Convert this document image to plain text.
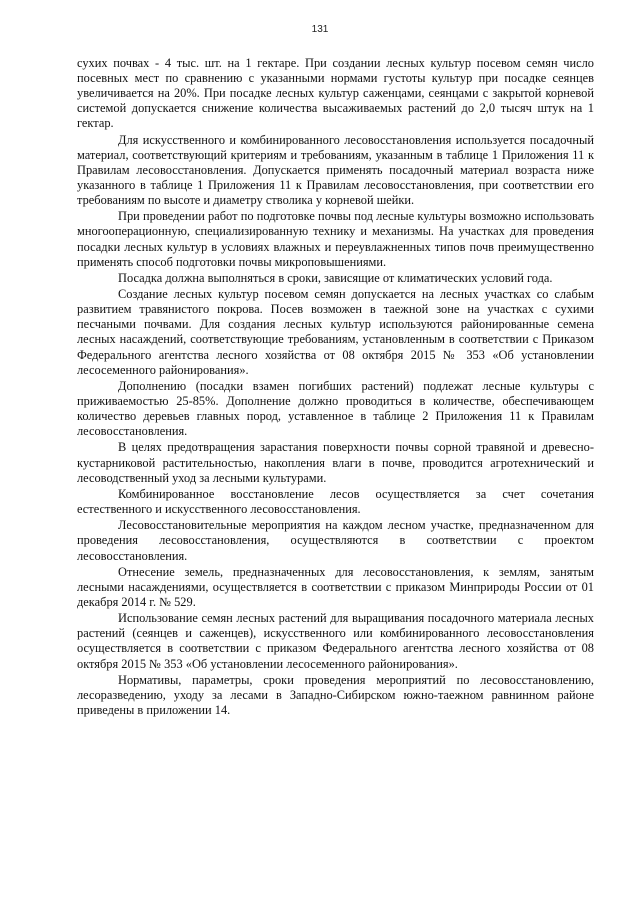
131

сухих почвах - 4 тыс. шт. на 1 гектаре. При создании лесных культур посевом семян число посевных мест по сравнению с указанными нормами густоты культур при посадке сеянцев увеличивается на 20%. При посадке лесных культур саженцами, сеянцами с закрытой корневой системой допускается снижение количества высаживаемых растений до 2,0 тысяч штук на 1 гектар.

Для искусственного и комбинированного лесовосстановления используется посадочный материал, соответствующий критериям и требованиям, указанным в таблице 1 Приложения 11 к Правилам лесовосстановления. Допускается применять посадочный материал возраста ниже указанного в таблице 1 Приложения 11 к Правилам лесовосстановления, при соответствии его требованиям по высоте и диаметру стволика у корневой шейки.

При проведении работ по подготовке почвы под лесные культуры возможно использовать многооперационную, специализированную технику и механизмы. На участках для проведения посадки лесных культур в условиях влажных и переувлажненных типов почв преимущественно применять способ подготовки почвы микроповышениями.

Посадка должна выполняться в сроки, зависящие от климатических условий года.

Создание лесных культур посевом семян допускается на лесных участках со слабым развитием травянистого покрова. Посев возможен в таежной зоне на участках с сухими песчаными почвами. Для создания лесных культур используются районированные семена лесных насаждений, соответствующие требованиям, установленным в соответствии с Приказом Федерального агентства лесного хозяйства от 08 октября 2015 № 353 «Об установлении лесосеменного районирования».

Дополнению (посадки взамен погибших растений) подлежат лесные культуры с приживаемостью 25-85%. Дополнение должно проводиться в количестве, обеспечивающем количество деревьев главных пород, уставленное в таблице 2 Приложения 11 к Правилам лесовосстановления.

В целях предотвращения зарастания поверхности почвы сорной травяной и древесно-кустарниковой растительностью, накопления влаги в почве, проводится агротехнический и лесоводственный уход за лесными культурами.

Комбинированное восстановление лесов осуществляется за счет сочетания естественного и искусственного лесовосстановления.

Лесовосстановительные мероприятия на каждом лесном участке, предназначенном для проведения лесовосстановления, осуществляются в соответствии с проектом лесовосстановления.

Отнесение земель, предназначенных для лесовосстановления, к землям, занятым лесными насаждениями, осуществляется в соответствии с приказом Минприроды России от 01 декабря 2014 г. № 529.

Использование семян лесных растений для выращивания посадочного материала лесных растений (сеянцев и саженцев), искусственного или комбинированного лесовосстановления осуществляется в соответствии с приказом Федерального агентства лесного хозяйства от 08 октября 2015 № 353 «Об установлении лесосеменного районирования».

Нормативы, параметры, сроки проведения мероприятий по лесовосстановлению, лесоразведению, уходу за лесами в Западно-Сибирском южно-таежном равнинном районе приведены в приложении 14.
